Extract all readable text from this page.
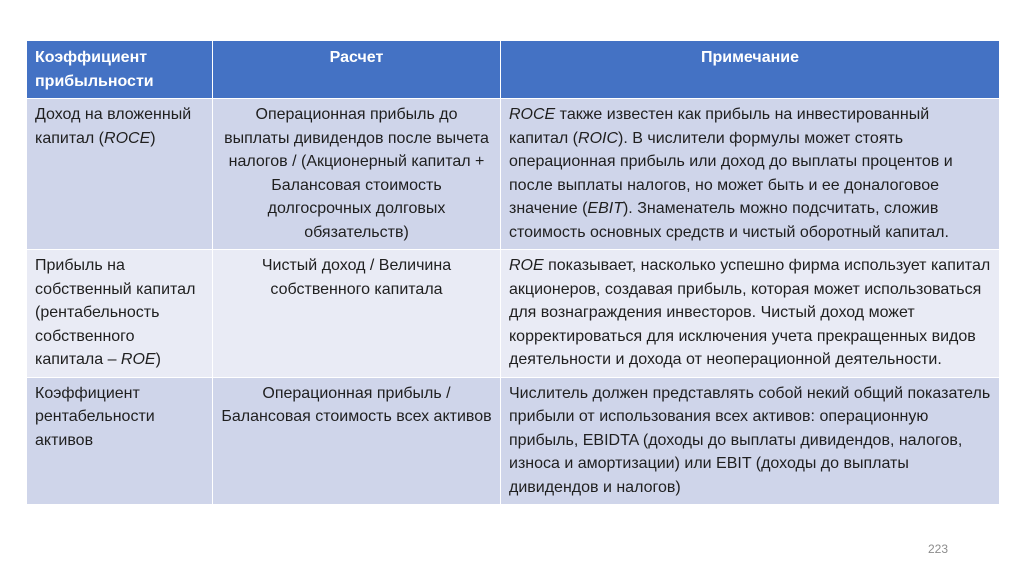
Коэффициент прибыльности	Расчет	Примечание
Доход на вложенный капитал (ROCE)	Операционная прибыль до выплаты дивидендов после вычета налогов / (Акционерный капитал + Балансовая стоимость долгосрочных долговых обязательств)	ROCE также известен как прибыль на инвестированный капитал (ROIC). В числители формулы может стоять операционная прибыль или доход до выплаты процентов и после выплаты налогов, но может быть и ее доналоговое значение (EBIT). Знаменатель можно подсчитать, сложив стоимость основных средств и чистый оборотный капитал.
Прибыль на собственный капитал (рентабельность собственного капитала – ROE)	Чистый доход / Величина собственного капитала	ROE показывает, насколько успешно фирма использует капитал акционеров, создавая прибыль, которая может использоваться для вознаграждения инвесторов. Чистый доход может корректироваться для исключения учета прекращенных видов деятельности и дохода от неоперационной деятельности.
Коэффициент рентабельности активов	Операционная прибыль / Балансовая стоимость всех активов	Числитель должен представлять собой некий общий показатель прибыли от использования всех активов: операционную прибыль, EBIDTA (доходы до выплаты дивидендов, налогов, износа и амортизации) или EBIT (доходы до выплаты дивидендов и налогов)
223
